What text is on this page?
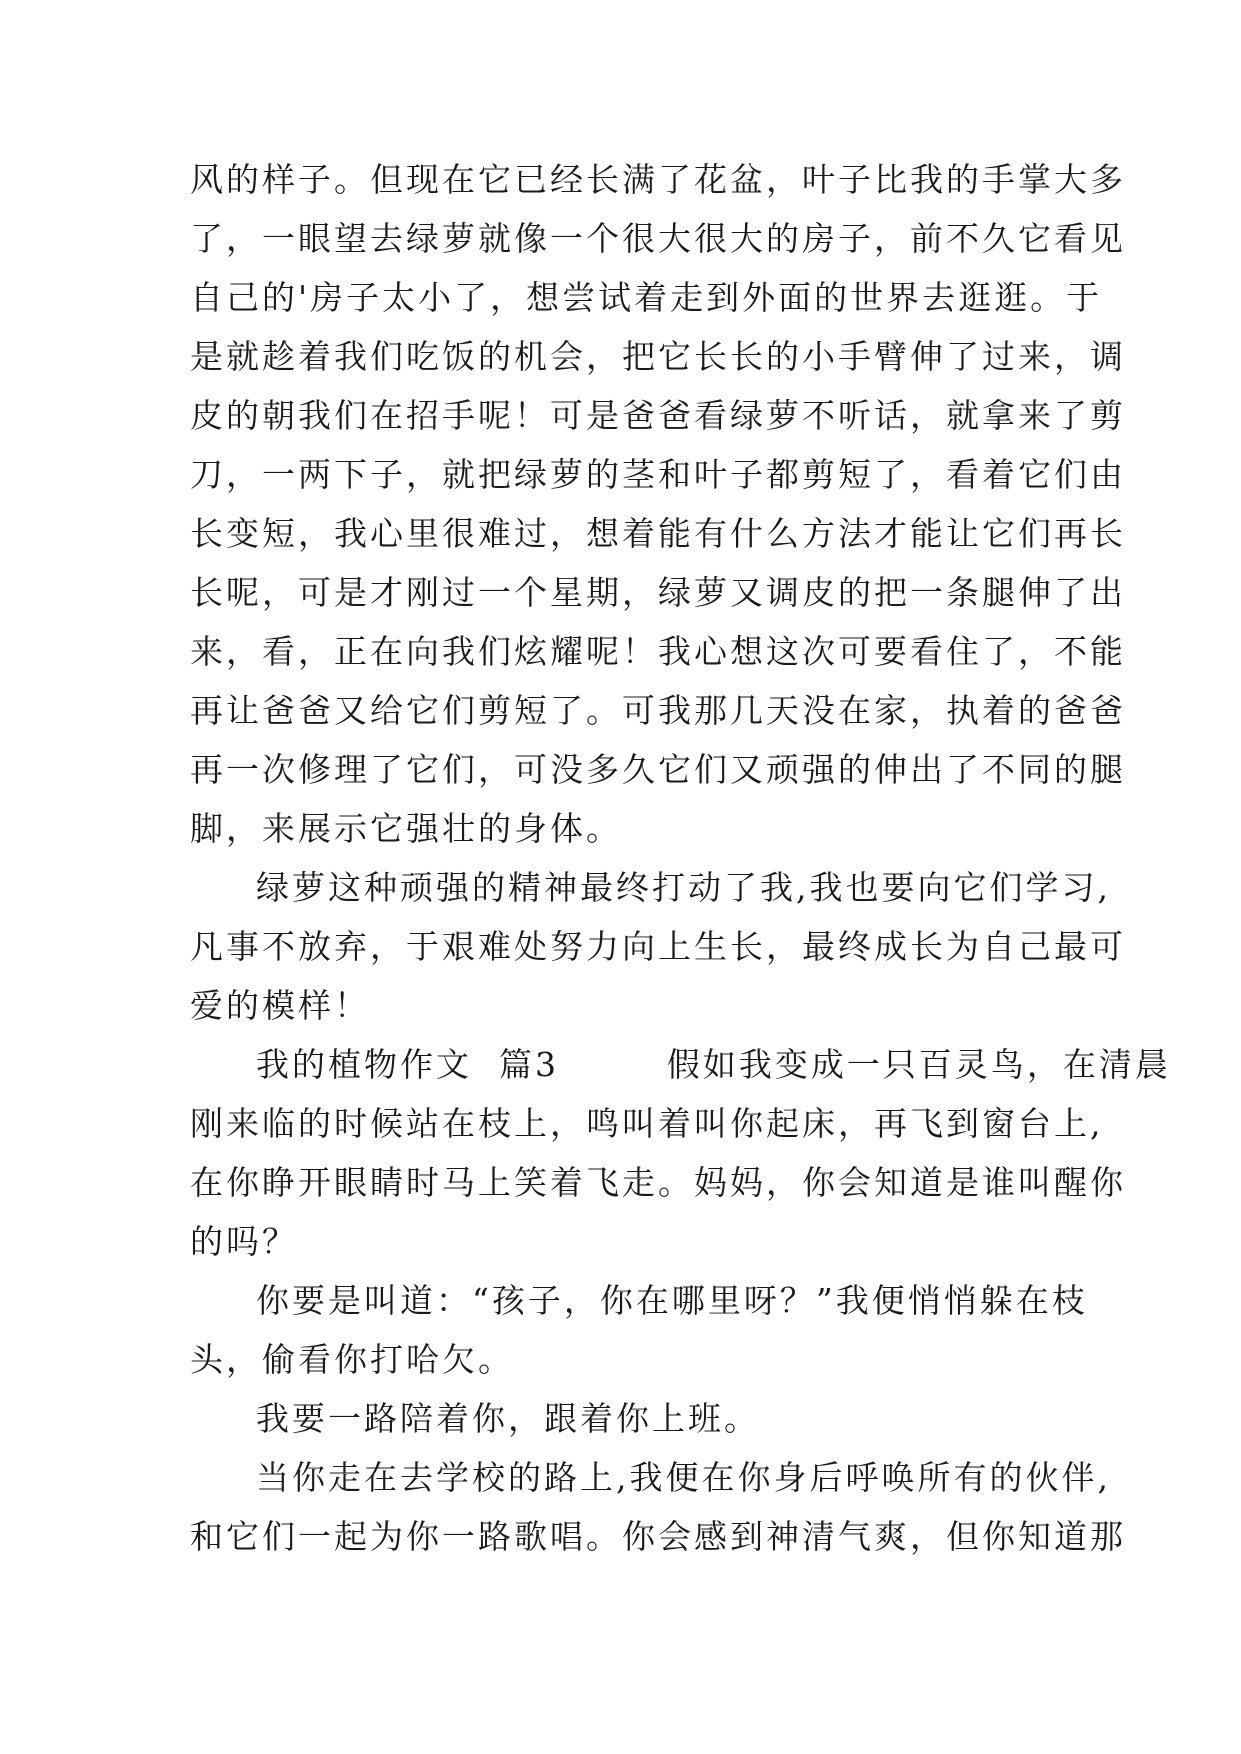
风的样子。但现在它已经长满了花盆，叶子比我的手掌大多
了，一眼望去绿萝就像一个很大很大的房子，前不久它看见
自己的'房子太小了，想尝试着走到外面的世界去逛逛。于
是就趁着我们吃饭的机会，把它长长的小手臂伸了过来，调
皮的朝我们在招手呢！可是爸爸看绿萝不听话，就拿来了剪
刀，一两下子，就把绿萝的茎和叶子都剪短了，看着它们由
长变短，我心里很难过，想着能有什么方法才能让它们再长
长呢，可是才刚过一个星期，绿萝又调皮的把一条腿伸了出
来，看，正在向我们炫耀呢！我心想这次可要看住了，不能
再让爸爸又给它们剪短了。可我那几天没在家，执着的爸爸
再一次修理了它们，可没多久它们又顽强的伸出了不同的腿
脚，来展示它强壮的身体。
绿萝这种顽强的精神最终打动了我,我也要向它们学习,
凡事不放弃，于艰难处努力向上生长，最终成长为自己最可
爱的模样！
我的植物作文  篇3        假如我变成一只百灵鸟，在清晨
刚来临的时候站在枝上，鸣叫着叫你起床，再飞到窗台上,
在你睁开眼睛时马上笑着飞走。妈妈，你会知道是谁叫醒你
的吗？
你要是叫道：“孩子，你在哪里呀？”我便悄悄躲在枝
头，偷看你打哈欠。
我要一路陪着你，跟着你上班。
当你走在去学校的路上,我便在你身后呼唤所有的伙伴,
和它们一起为你一路歌唱。你会感到神清气爽，但你知道那
